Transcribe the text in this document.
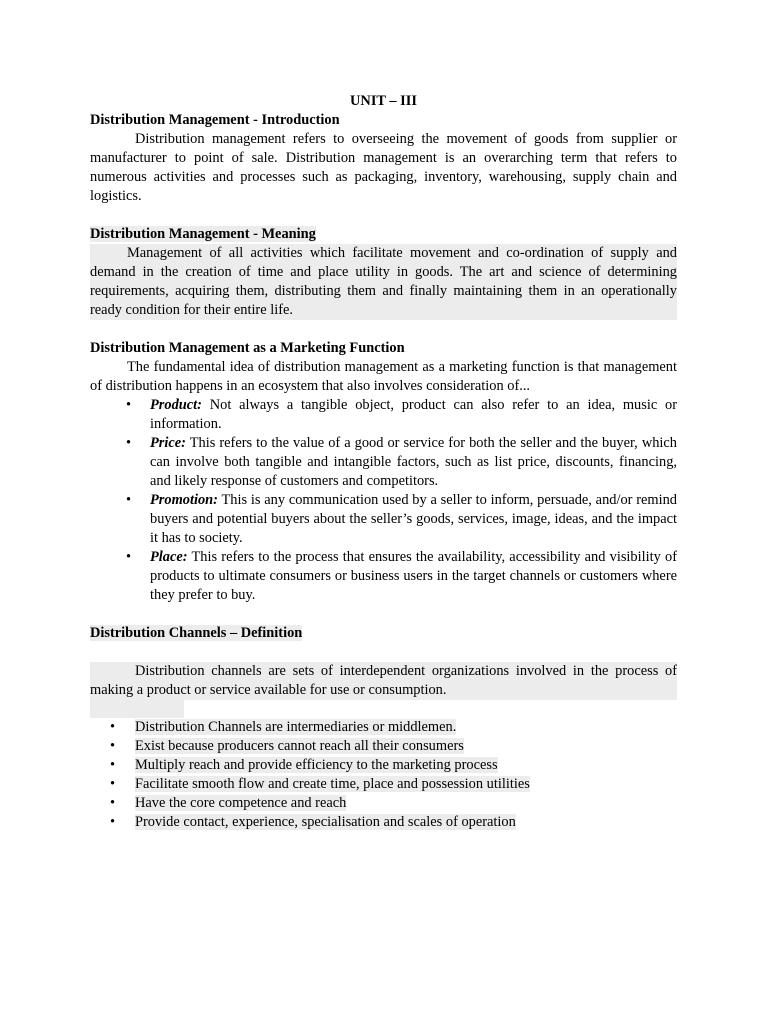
UNIT – III

Distribution Management - Introduction

Distribution management refers to overseeing the movement of goods from supplier or manufacturer to point of sale. Distribution management is an overarching term that refers to numerous activities and processes such as packaging, inventory, warehousing, supply chain and logistics.

Distribution Management - Meaning

Management of all activities which facilitate movement and co-ordination of supply and demand in the creation of time and place utility in goods. The art and science of determining requirements, acquiring them, distributing them and finally maintaining them in an operationally ready condition for their entire life.

Distribution Management as a Marketing Function

The fundamental idea of distribution management as a marketing function is that management of distribution happens in an ecosystem that also involves consideration of...

• Product: Not always a tangible object, product can also refer to an idea, music or information.
• Price: This refers to the value of a good or service for both the seller and the buyer, which can involve both tangible and intangible factors, such as list price, discounts, financing, and likely response of customers and competitors.
• Promotion: This is any communication used by a seller to inform, persuade, and/or remind buyers and potential buyers about the seller’s goods, services, image, ideas, and the impact it has to society.
• Place: This refers to the process that ensures the availability, accessibility and visibility of products to ultimate consumers or business users in the target channels or customers where they prefer to buy.

Distribution Channels – Definition

Distribution channels are sets of interdependent organizations involved in the process of making a product or service available for use or consumption.

• Distribution Channels are intermediaries or middlemen.
• Exist because producers cannot reach all their consumers
• Multiply reach and provide efficiency to the marketing process
• Facilitate smooth flow and create time, place and possession utilities
• Have the core competence and reach
• Provide contact, experience, specialisation and scales of operation
